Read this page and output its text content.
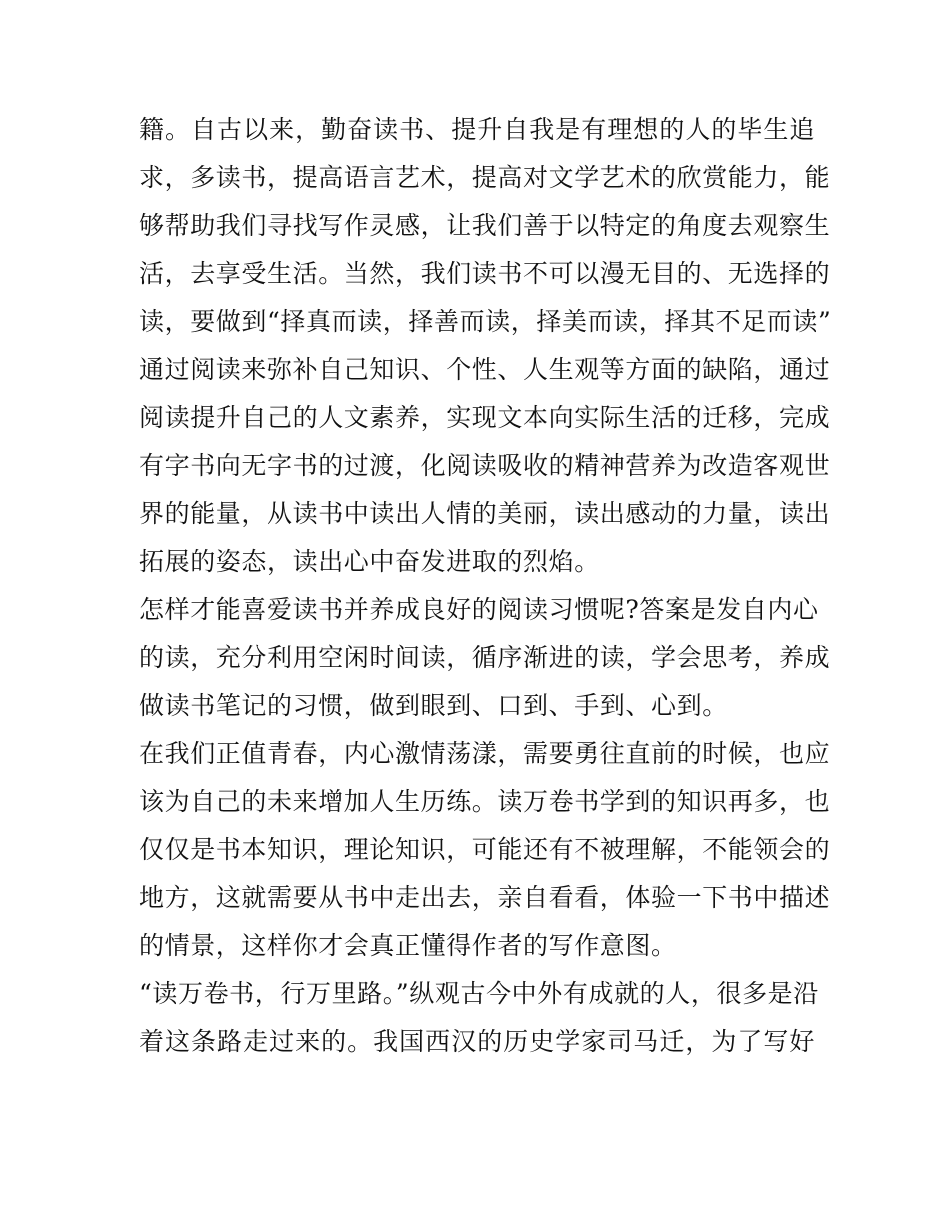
籍。自古以来，勤奋读书、提升自我是有理想的人的毕生追
求，多读书，提高语言艺术，提高对文学艺术的欣赏能力，能
够帮助我们寻找写作灵感，让我们善于以特定的角度去观察生
活，去享受生活。当然，我们读书不可以漫无目的、无选择的
读，要做到“择真而读，择善而读，择美而读，择其不足而读”
通过阅读来弥补自己知识、个性、人生观等方面的缺陷，通过
阅读提升自己的人文素养，实现文本向实际生活的迁移，完成
有字书向无字书的过渡，化阅读吸收的精神营养为改造客观世
界的能量，从读书中读出人情的美丽，读出感动的力量，读出
拓展的姿态，读出心中奋发进取的烈焰。
怎样才能喜爱读书并养成良好的阅读习惯呢?答案是发自内心
的读，充分利用空闲时间读，循序渐进的读，学会思考，养成
做读书笔记的习惯，做到眼到、口到、手到、心到。
在我们正值青春，内心激情荡漾，需要勇往直前的时候，也应
该为自己的未来增加人生历练。读万卷书学到的知识再多，也
仅仅是书本知识，理论知识，可能还有不被理解，不能领会的
地方，这就需要从书中走出去，亲自看看，体验一下书中描述
的情景，这样你才会真正懂得作者的写作意图。
“读万卷书，行万里路。”纵观古今中外有成就的人，很多是沿
着这条路走过来的。我国西汉的历史学家司马迁，为了写好
